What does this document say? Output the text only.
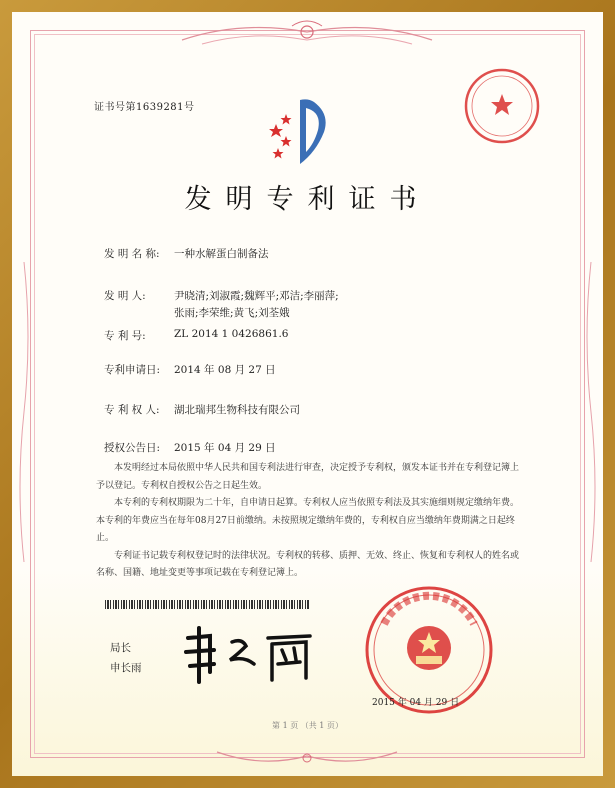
证书号第1639281号
发明专利证书
发 明 名 称: 一种水解蛋白制备法
发 明 人:	尹晓清;刘淑霞;魏辉平;邓洁;李丽萍;
张雨;李荣维;黄飞;刘荃娥
专 利 号:	ZL 2014 1 0426861.6
专利申请日: 2014 年 08 月 27 日
专 利 权 人: 湖北瑞邦生物科技有限公司
授权公告日: 2015 年 04 月 29 日

本发明经过本局依照中华人民共和国专利法进行审查，决定授予专利权，颁发本证书并在专利登记簿上予以登记。专利权自授权公告之日起生效。

本专利的专利权期限为二十年，自申请日起算。专利权人应当依照专利法及其实施细则规定缴纳年费。本专利的年费应当在每年08月27日前缴纳。未按照规定缴纳年费的，专利权自应当缴纳年费期满之日起终止。

专利证书记载专利权登记时的法律状况。专利权的转移、质押、无效、终止、恢复和专利权人的姓名或名称、国籍、地址变更等事项记载在专利登记簿上。

局长
申长雨
2015 年 04 月 29 日
第 1 页 （共 1 页）
